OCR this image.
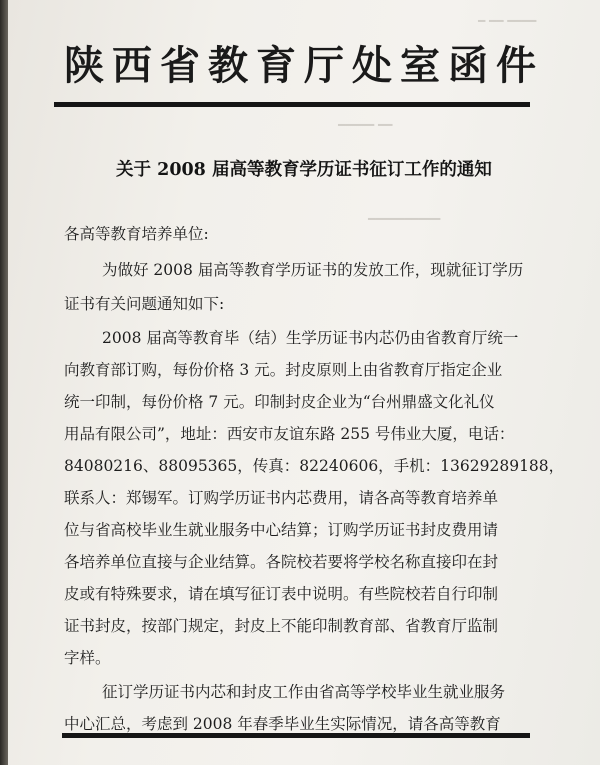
━ ━━ ━━━━
━━━━━ ━━
━━━━━━━━━━
陕西省教育厅处室函件
关于 2008 届高等教育学历证书征订工作的通知
各高等教育培养单位:
为做好 2008 届高等教育学历证书的发放工作，现就征订学历
证书有关问题通知如下:
2008 届高等教育毕（结）生学历证书内芯仍由省教育厅统一
向教育部订购，每份价格 3 元。封皮原则上由省教育厅指定企业
统一印制，每份价格 7 元。印制封皮企业为“台州鼎盛文化礼仪
用品有限公司”，地址：西安市友谊东路 255 号伟业大厦，电话：
84080216、88095365，传真：82240606，手机：13629289188，
联系人：郑锡军。订购学历证书内芯费用，请各高等教育培养单
位与省高校毕业生就业服务中心结算；订购学历证书封皮费用请
各培养单位直接与企业结算。各院校若要将学校名称直接印在封
皮或有特殊要求，请在填写征订表中说明。有些院校若自行印制
证书封皮，按部门规定，封皮上不能印制教育部、省教育厅监制
字样。
征订学历证书内芯和封皮工作由省高等学校毕业生就业服务
中心汇总，考虑到 2008 年春季毕业生实际情况，请各高等教育
